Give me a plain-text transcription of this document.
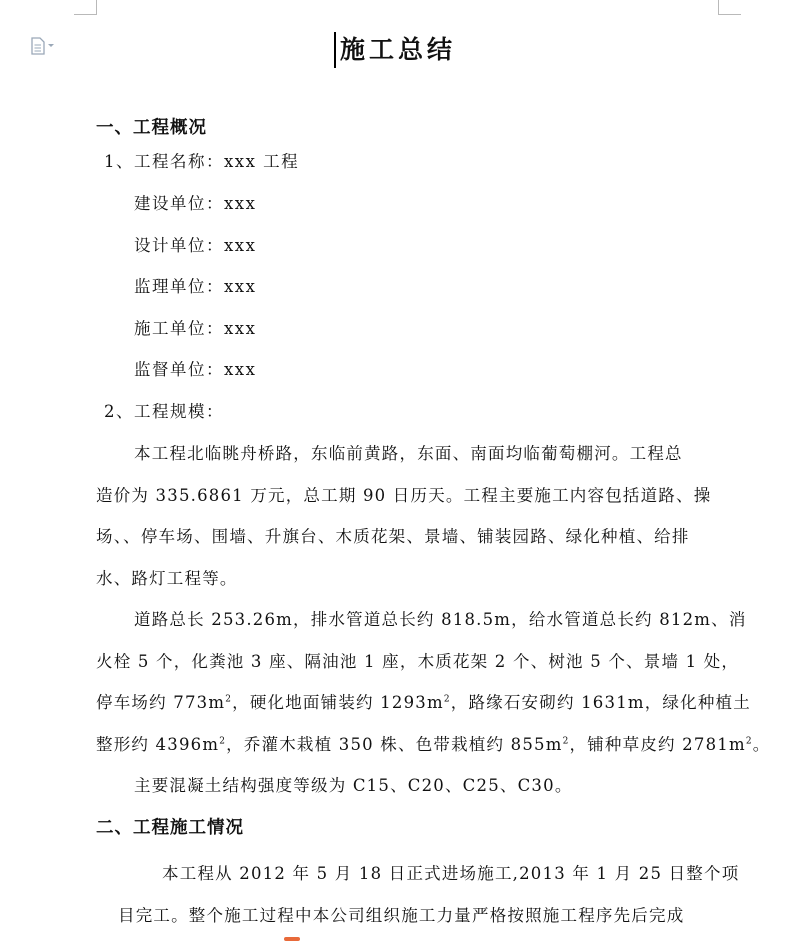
施工总结
一、工程概况
1、工程名称：xxx 工程
建设单位：xxx
设计单位：xxx
监理单位：xxx
施工单位：xxx
监督单位：xxx
2、工程规模：
本工程北临眺舟桥路，东临前黄路，东面、南面均临葡萄棚河。工程总
造价为 335.6861 万元，总工期 90 日历天。工程主要施工内容包括道路、操
场、、停车场、围墙、升旗台、木质花架、景墙、铺装园路、绿化种植、给排
水、路灯工程等。
道路总长 253.26m，排水管道总长约 818.5m，给水管道总长约 812m、消
火栓 5 个，化粪池 3 座、隔油池 1 座，木质花架 2 个、树池 5 个、景墙 1 处，
停车场约 $773m^2$，硬化地面铺装约 $1293m^2$，路缘石安砌约 1631m，绿化种植土
整形约 $4396m^2$，乔灌木栽植 350 株、色带栽植约 $855m^2$，铺种草皮约 $2781m^2$。
主要混凝土结构强度等级为 C15、C20、C25、C30。
二、工程施工情况
本工程从 2012 年 5 月 18 日正式进场施工,2013 年 1 月 25 日整个项
目完工。整个施工过程中本公司组织施工力量严格按照施工程序先后完成
